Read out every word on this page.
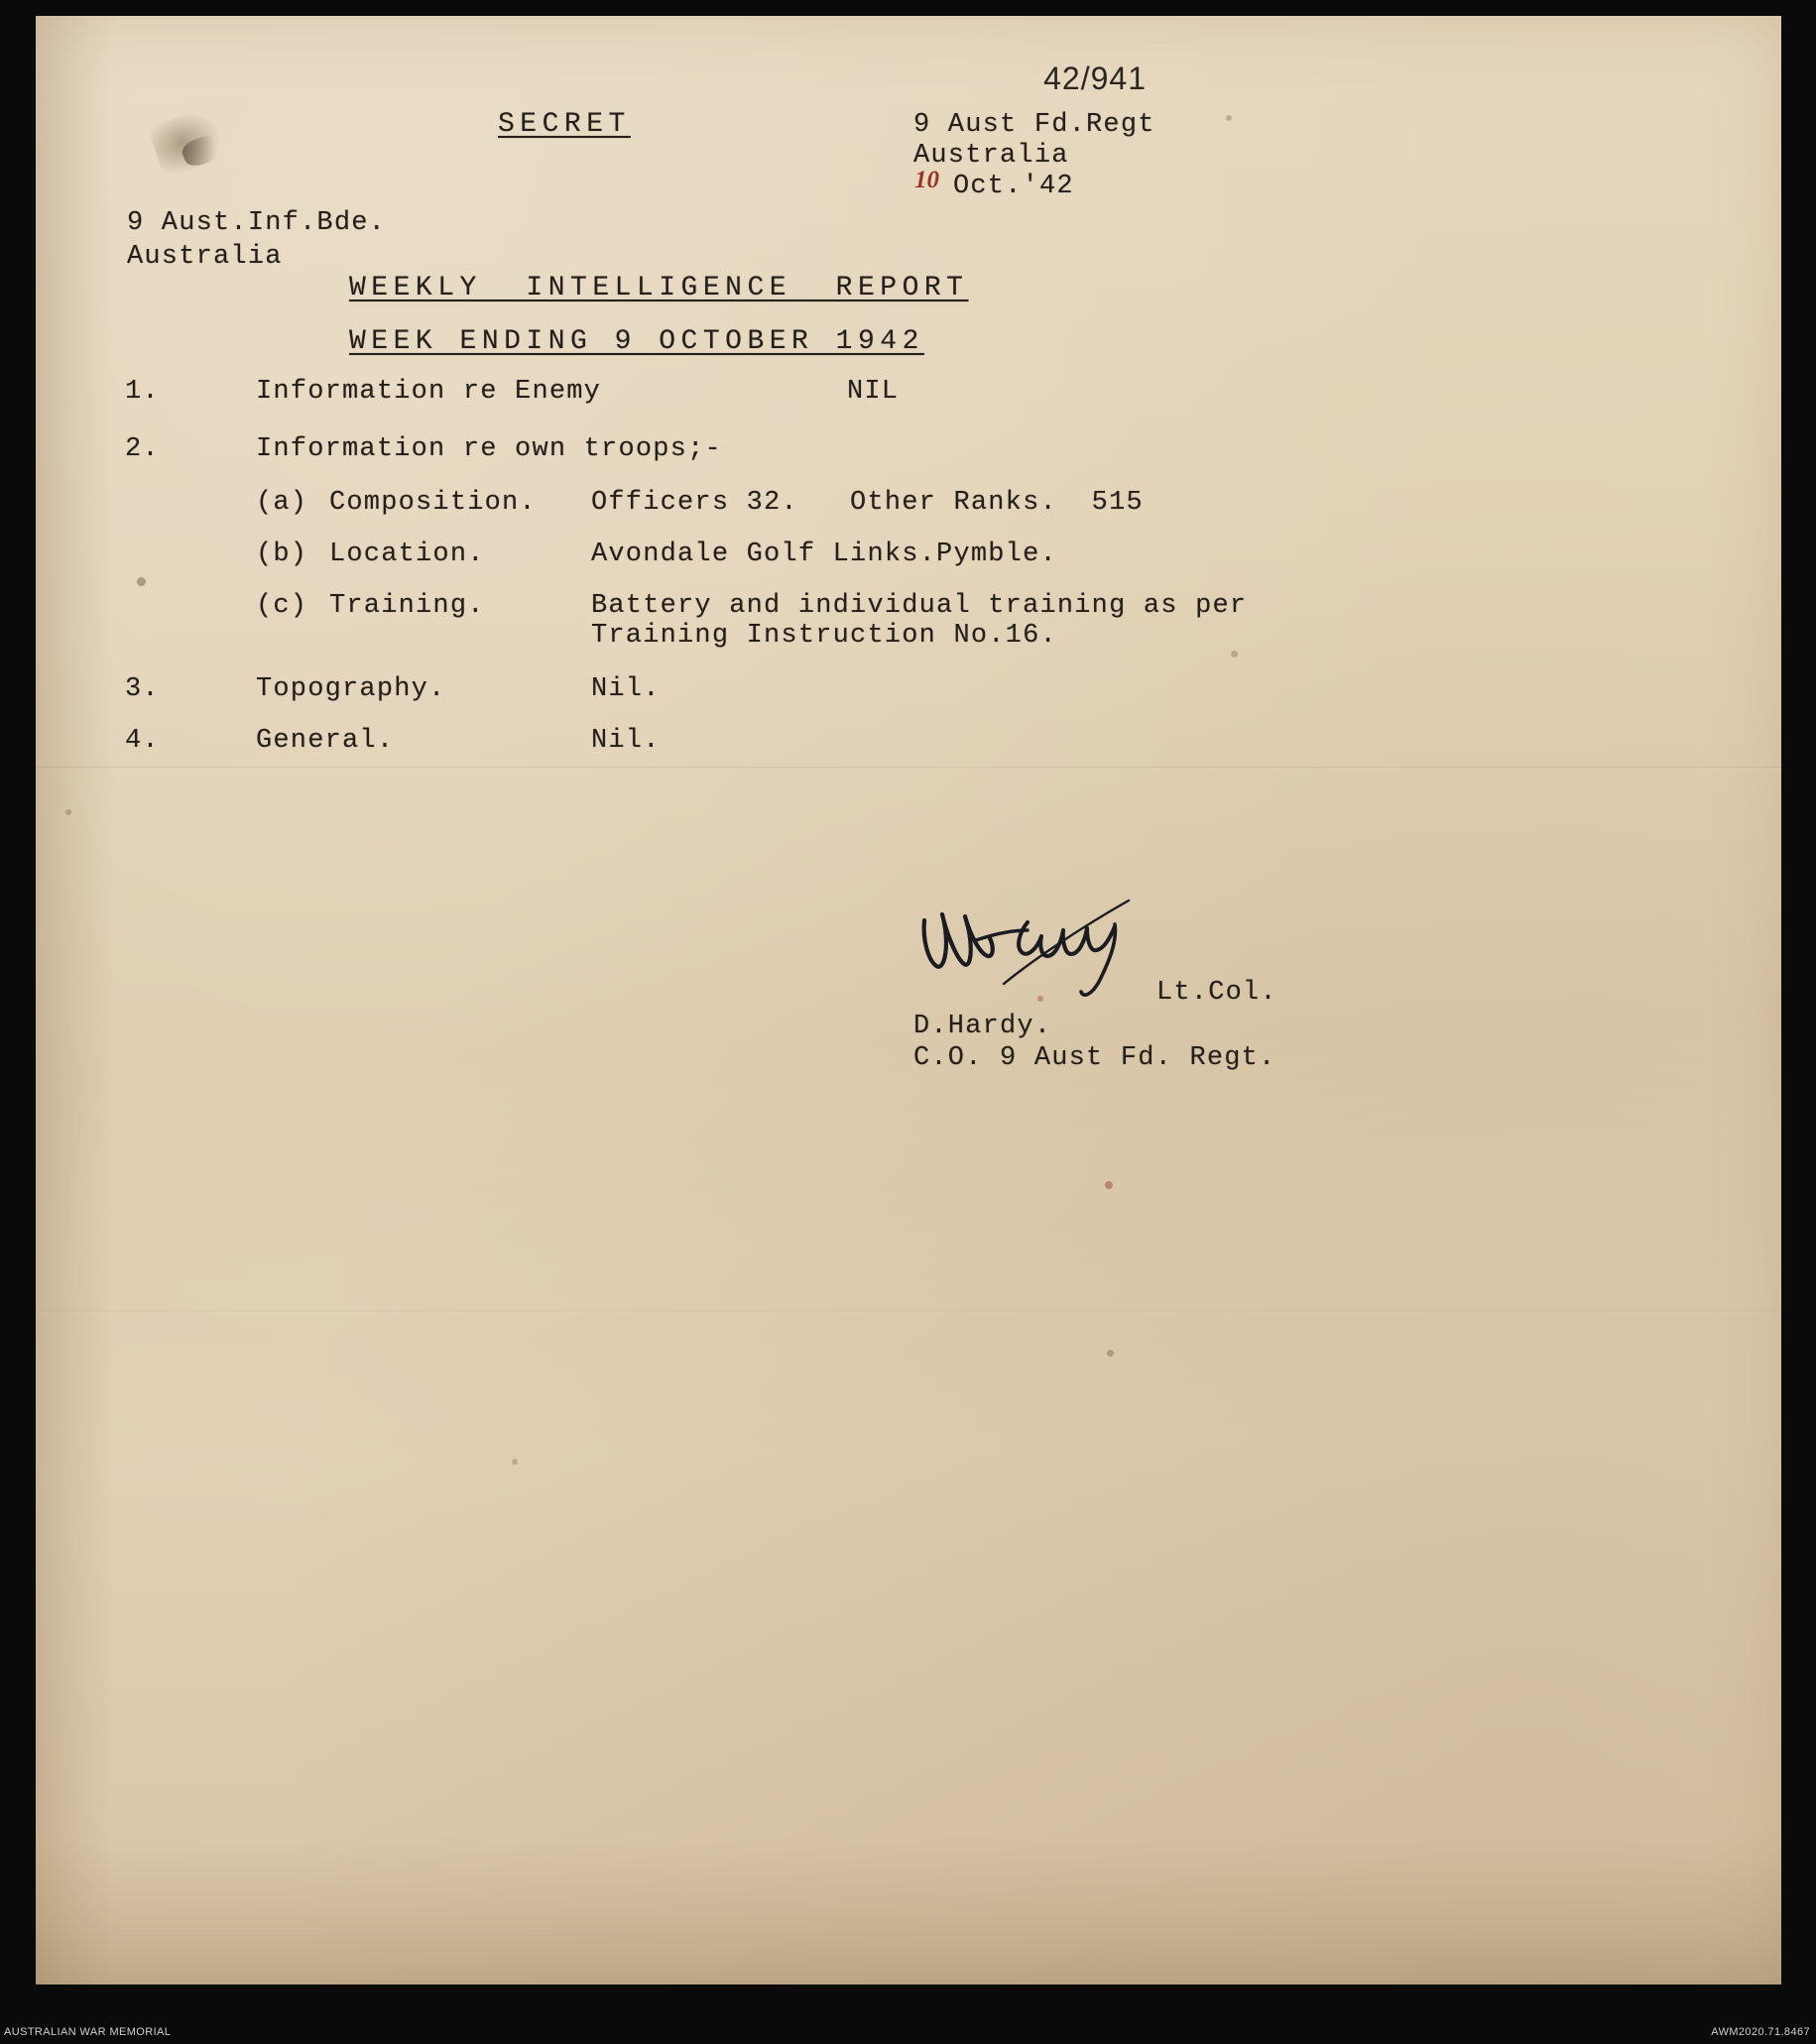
42/941
SECRET	9 Aust Fd.Regt
Australia
10 Oct.'42
9 Aust.Inf.Bde.
Australia
WEEKLY  INTELLIGENCE  REPORT
WEEK ENDING 9 OCTOBER 1942
1.	Information re Enemy	NIL
2.	Information re own troops;-
(a) Composition. Officers 32.   Other Ranks.  515
(b) Location.	Avondale Golf Links.Pymble.
(c) Training.	Battery and individual training as per
Training Instruction No.16.
3.	Topography.	Nil.
4.	General.	Nil.
Lt.Col.
D.Hardy.
C.O. 9 Aust Fd. Regt.
AUSTRALIAN WAR MEMORIAL	AWM2020.71.8467
